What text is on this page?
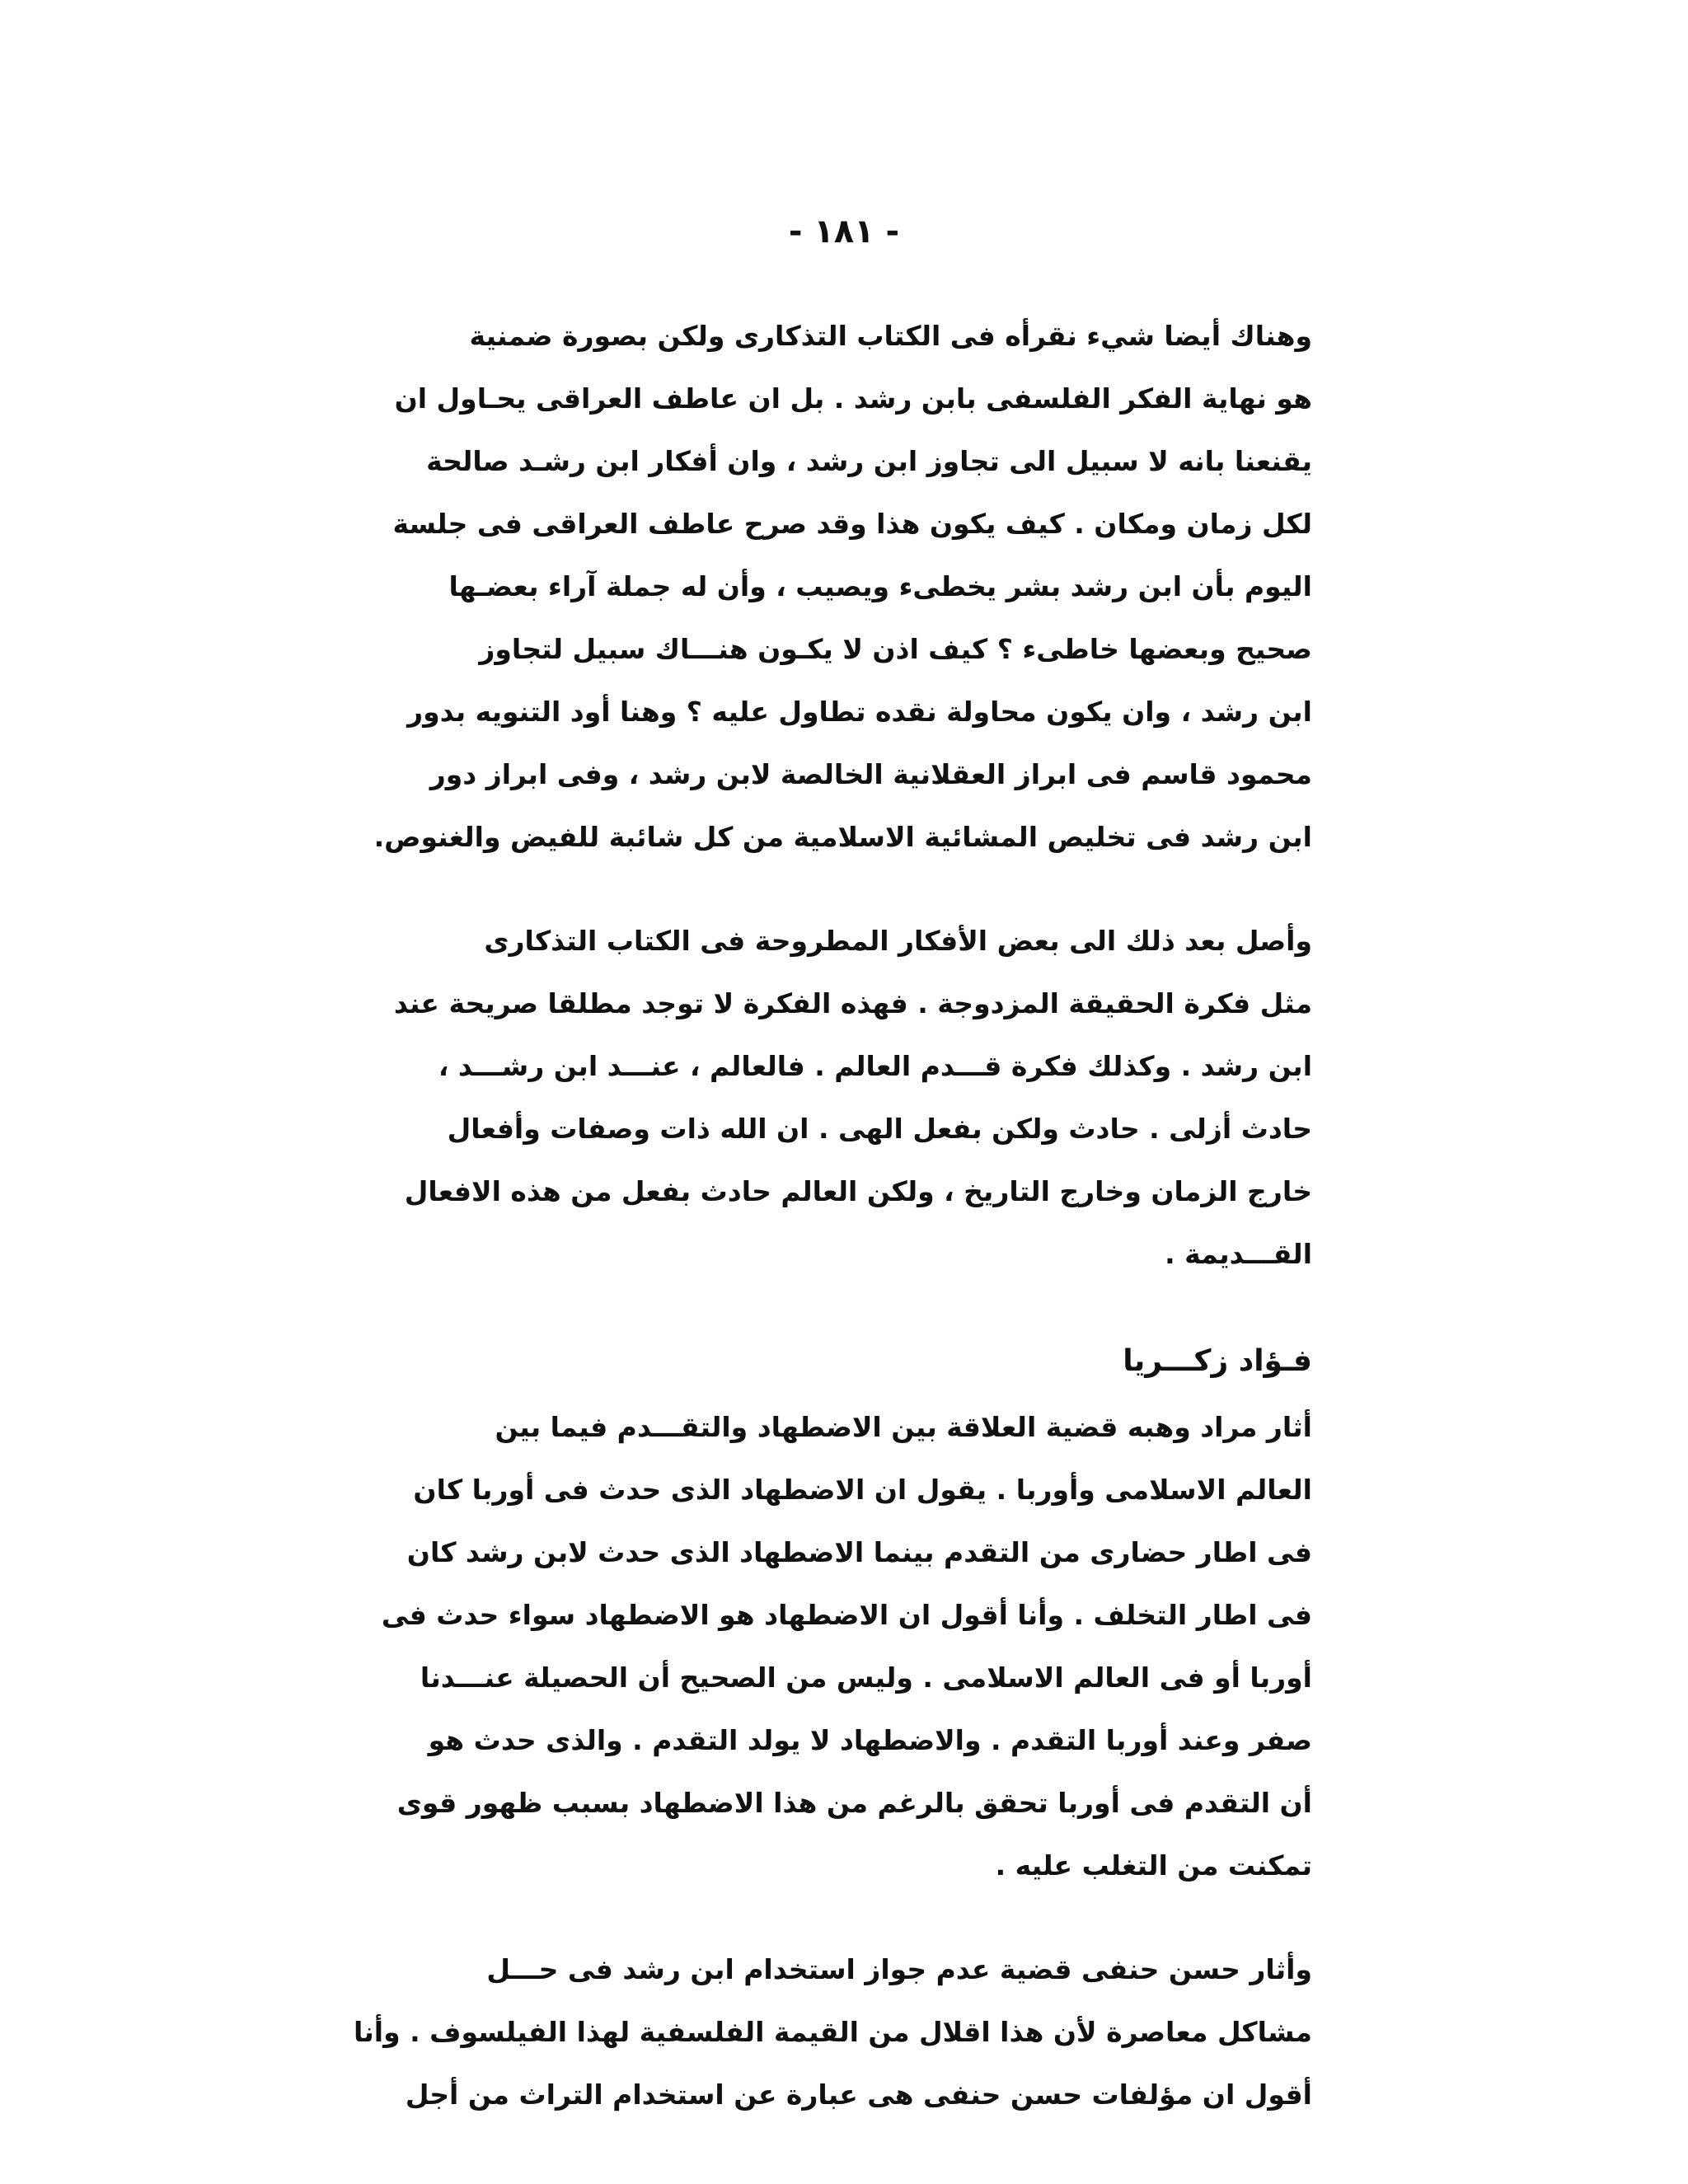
- ١٨١ -

وهناك أيضا شيء نقرأه فى الكتاب التذكارى ولكن بصورة ضمنية
هو نهاية الفكر الفلسفى بابن رشد . بل ان عاطف العراقى يحـاول ان
يقنعنا بانه لا سبيل الى تجاوز ابن رشد ، وان أفكار ابن رشـد صالحة
لكل زمان ومكان . كيف يكون هذا وقد صرح عاطف العراقى فى جلسة
اليوم بأن ابن رشد بشر يخطىء ويصيب ، وأن له جملة آراء بعضـها
صحيح وبعضها خاطىء ؟ كيف اذن لا يكـون هنـــاك سبيل لتجاوز
ابن رشد ، وان يكون محاولة نقده تطاول عليه ؟ وهنا أود التنويه بدور
محمود قاسم فى ابراز العقلانية الخالصة لابن رشد ، وفى ابراز دور
ابن رشد فى تخليص المشائية الاسلامية من كل شائبة للفيض والغنوص.

وأصل بعد ذلك الى بعض الأفكار المطروحة فى الكتاب التذكارى
مثل فكرة الحقيقة المزدوجة . فهذه الفكرة لا توجد مطلقا صريحة عند
ابن رشد . وكذلك فكرة قـــدم العالم . فالعالم ، عنـــد ابن رشـــد ،
حادث أزلى . حادث ولكن بفعل الهى . ان الله ذات وصفات وأفعال
خارج الزمان وخارج التاريخ ، ولكن العالم حادث بفعل من هذه الافعال
القـــديمة .

فـؤاد زكـــريا

أثار مراد وهبه قضية العلاقة بين الاضطهاد والتقـــدم فيما بين
العالم الاسلامى وأوربا . يقول ان الاضطهاد الذى حدث فى أوربا كان
فى اطار حضارى من التقدم بينما الاضطهاد الذى حدث لابن رشد كان
فى اطار التخلف . وأنا أقول ان الاضطهاد هو الاضطهاد سواء حدث فى
أوربا أو فى العالم الاسلامى . وليس من الصحيح أن الحصيلة عنـــدنا
صفر وعند أوربا التقدم . والاضطهاد لا يولد التقدم . والذى حدث هو
أن التقدم فى أوربا تحقق بالرغم من هذا الاضطهاد بسبب ظهور قوى
تمكنت من التغلب عليه .

وأثار حسن حنفى قضية عدم جواز استخدام ابن رشد فى حـــل
مشاكل معاصرة لأن هذا اقلال من القيمة الفلسفية لهذا الفيلسوف . وأنا
أقول ان مؤلفات حسن حنفى هى عبارة عن استخدام التراث من أجل
